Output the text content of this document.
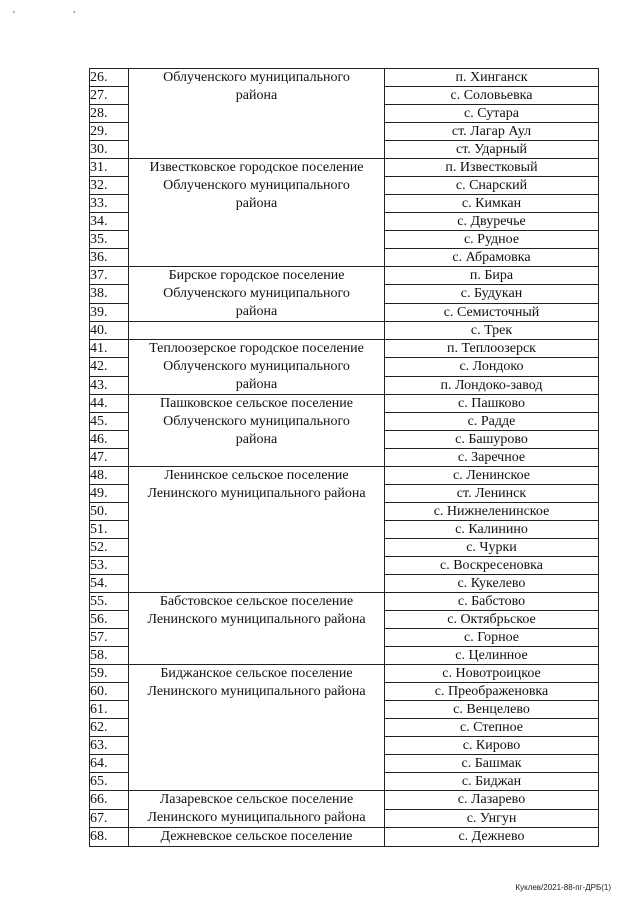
' '
26.	Облученского муниципального
района	п. Хинганск
27.		с. Соловьевка
28.		с. Сутара
29.		ст. Лагар Аул
30.		ст. Ударный
31.	Известковское городское поселение
Облученского муниципального
района	п. Известковый
32.		с. Снарский
33.		с. Кимкан
34.		с. Двуречье
35.		с. Рудное
36.		с. Абрамовка
37.	Бирское городское поселение
Облученского муниципального
района	п. Бира
38.		с. Будукан
39.		с. Семисточный
40.		с. Трек
41.	Теплоозерское городское поселение
Облученского муниципального
района	п. Теплоозерск
42.		с. Лондоко
43.		п. Лондоко-завод
44.	Пашковское сельское поселение
Облученского муниципального
района	с. Пашково
45.		с. Радде
46.		с. Башурово
47.		с. Заречное
48.	Ленинское сельское поселение
Ленинского муниципального района	с. Ленинское
49.		ст. Ленинск
50.		с. Нижнеленинское
51.		с. Калинино
52.		с. Чурки
53.		с. Воскресеновка
54.		с. Кукелево
55.	Бабстовское сельское поселение
Ленинского муниципального района	с. Бабстово
56.		с. Октябрьское
57.		с. Горное
58.		с. Целинное
59.	Биджанское сельское поселение
Ленинского муниципального района	с. Новотроицкое
60.		с. Преображеновка
61.		с. Венцелево
62.		с. Степное
63.		с. Кирово
64.		с. Башмак
65.		с. Биджан
66.	Лазаревское сельское поселение
Ленинского муниципального района	с. Лазарево
67.		с. Унгун
68.	Дежневское сельское поселение	с. Дежнево
Куклев/2021-88-пг-ДРБ(1)
